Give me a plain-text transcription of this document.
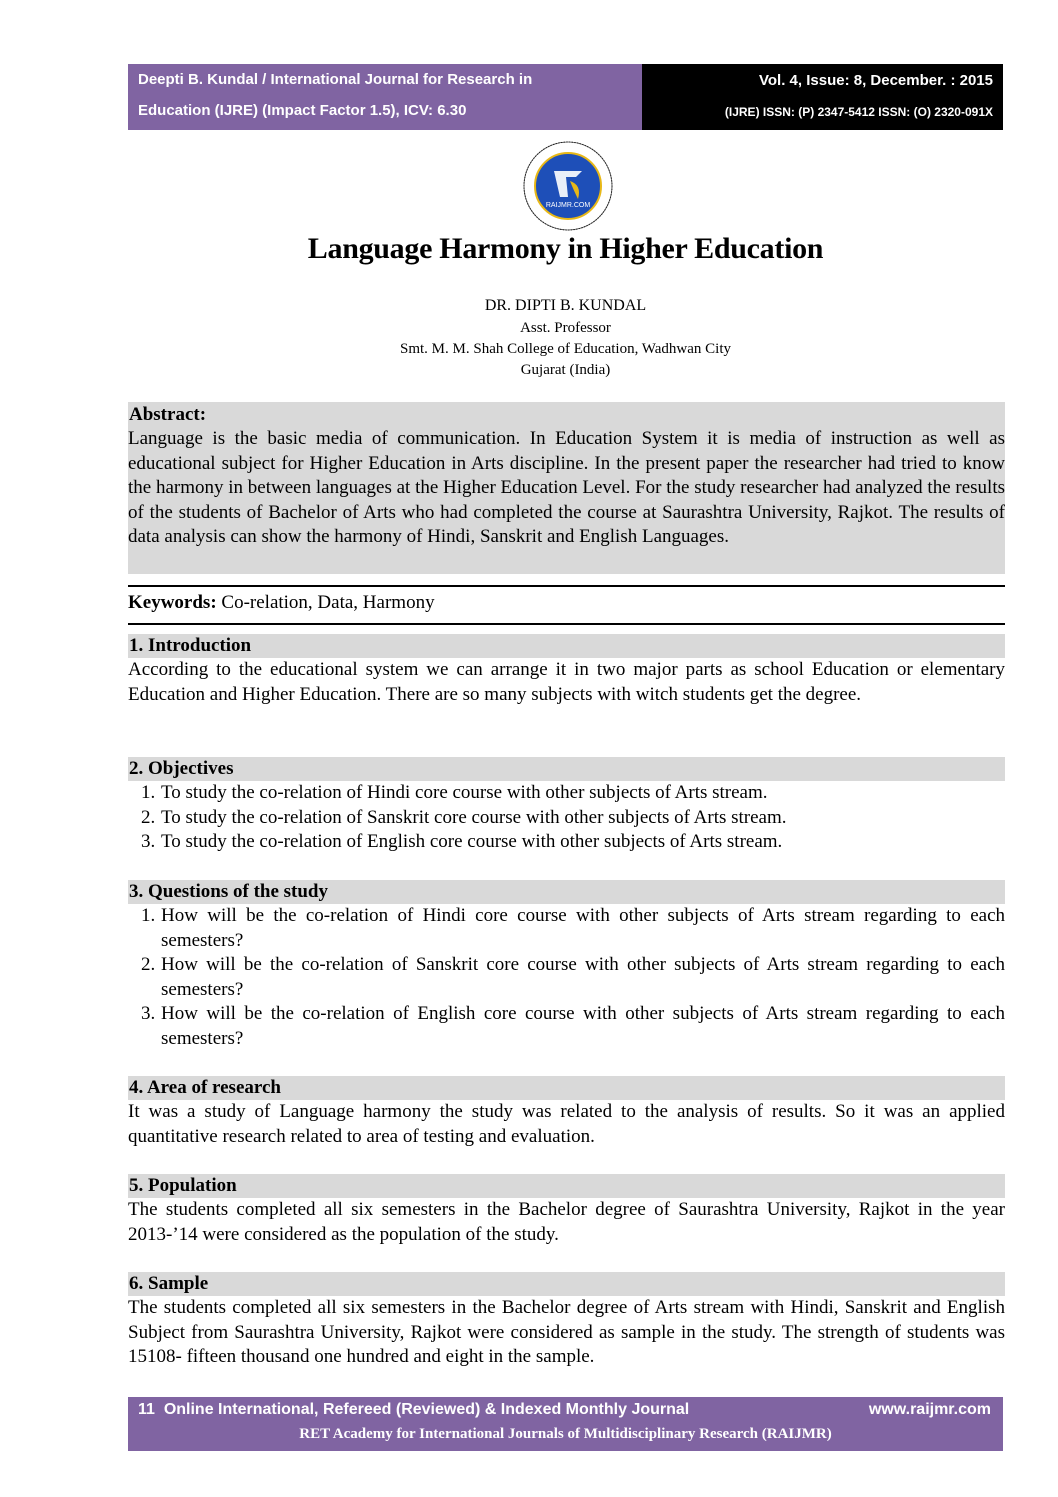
Deepti B. Kundal / International Journal for Research in
Education (IJRE) (Impact Factor 1.5), ICV: 6.30
Vol. 4, Issue: 8, December. : 2015
(IJRE) ISSN: (P) 2347-5412 ISSN: (O) 2320-091X
RAIJMR.COM
Language Harmony in Higher Education
DR. DIPTI B. KUNDAL
Asst. Professor
Smt. M. M. Shah College of Education, Wadhwan City
Gujarat (India)
Abstract:
Language is the basic media of communication. In Education System it is media of instruction as well as educational subject for Higher Education in Arts discipline. In the present paper the researcher had tried to know the harmony in between languages at the Higher Education Level. For the study researcher had analyzed the results of the students of Bachelor of Arts who had completed the course at Saurashtra University, Rajkot. The results of data analysis can show the harmony of Hindi, Sanskrit and English Languages.
Keywords: Co-relation, Data, Harmony
1. Introduction
According to the educational system we can arrange it in two major parts as school Education or elementary Education and Higher Education. There are so many subjects with witch students get the degree.
2. Objectives
1. To study the co-relation of Hindi core course with other subjects of Arts stream.
2. To study the co-relation of Sanskrit core course with other subjects of Arts stream.
3. To study the co-relation of English core course with other subjects of Arts stream.
3. Questions of the study
1. How will be the co-relation of Hindi core course with other subjects of Arts stream regarding to each semesters?
2. How will be the co-relation of Sanskrit core course with other subjects of Arts stream regarding to each semesters?
3. How will be the co-relation of English core course with other subjects of Arts stream regarding to each semesters?
4. Area of research
It was a study of Language harmony the study was related to the analysis of results. So it was an applied quantitative research related to area of testing and evaluation.
5. Population
The students completed all six semesters in the Bachelor degree of Saurashtra University, Rajkot in the year 2013-’14 were considered as the population of the study.
6. Sample
The students completed all six semesters in the Bachelor degree of Arts stream with Hindi, Sanskrit and English Subject from Saurashtra University, Rajkot were considered as sample in the study. The strength of students was 15108- fifteen thousand one hundred and eight in the sample.
11 Online International, Refereed (Reviewed) & Indexed Monthly Journal	www.raijmr.com
RET Academy for International Journals of Multidisciplinary Research (RAIJMR)
